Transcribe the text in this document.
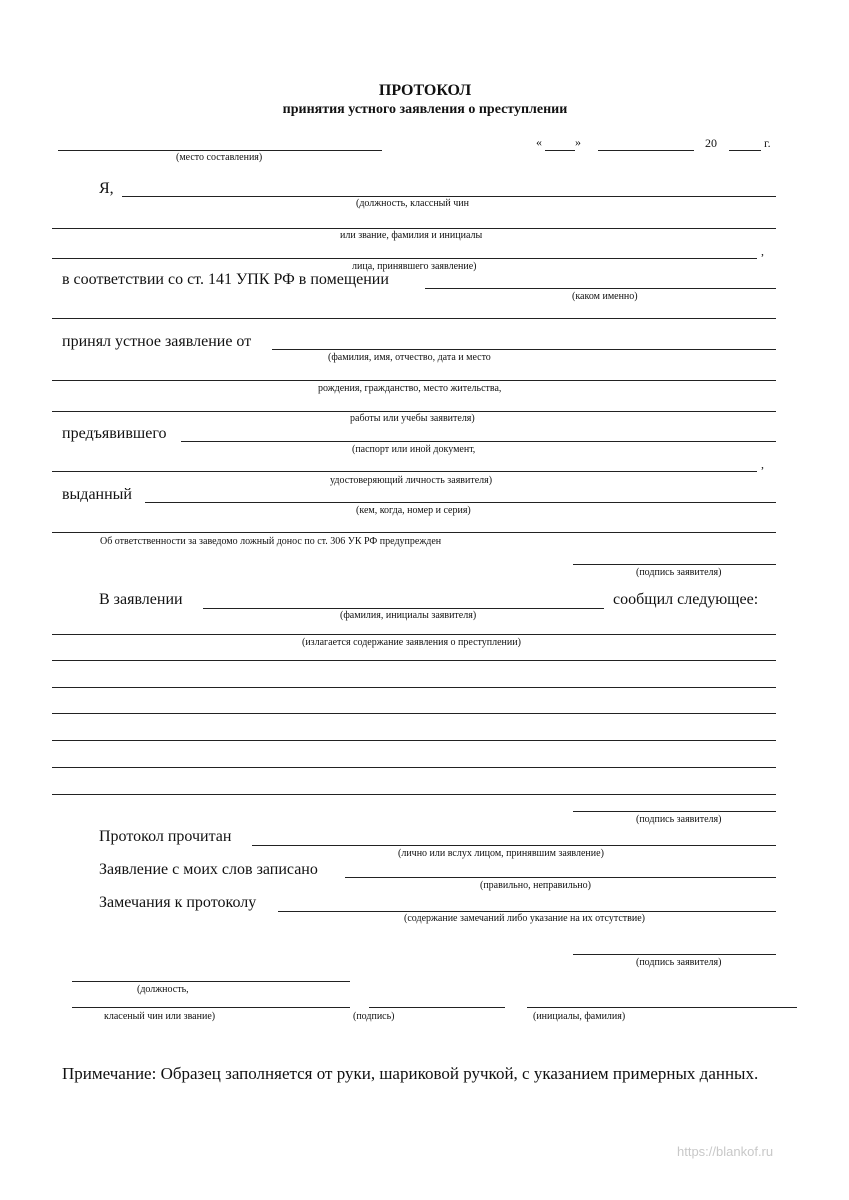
ПРОТОКОЛ
принятия устного заявления о преступлении
(место составления)
«	»	20	г.
Я,
(должность, классный чин
или звание, фамилия и инициалы
,
лица, принявшего заявление)
в соответствии со ст. 141 УПК РФ в помещении
(каком именно)
принял устное заявление от
(фамилия, имя, отчество, дата и место
рождения, гражданство, место жительства,
работы или учебы заявителя)
предъявившего
(паспорт или иной документ,
,
удостоверяющий личность заявителя)
выданный
(кем, когда, номер и серия)
Об ответственности за заведомо ложный донос по ст. 306 УК РФ предупрежден
(подпись заявителя)
В заявлении	сообщил следующее:
(фамилия, инициалы заявителя)
(излагается содержание заявления о преступлении)
(подпись заявителя)
Протокол прочитан
(лично или вслух лицом, принявшим заявление)
Заявление с моих слов записано
(правильно, неправильно)
Замечания к протоколу
(содержание замечаний либо указание на их отсутствие)
(подпись заявителя)
(должность,
класеный чин или звание)	(подпись)	(инициалы, фамилия)
Примечание: Образец заполняется от руки, шариковой ручкой, с указанием примерных данных.
https://blankof.ru
